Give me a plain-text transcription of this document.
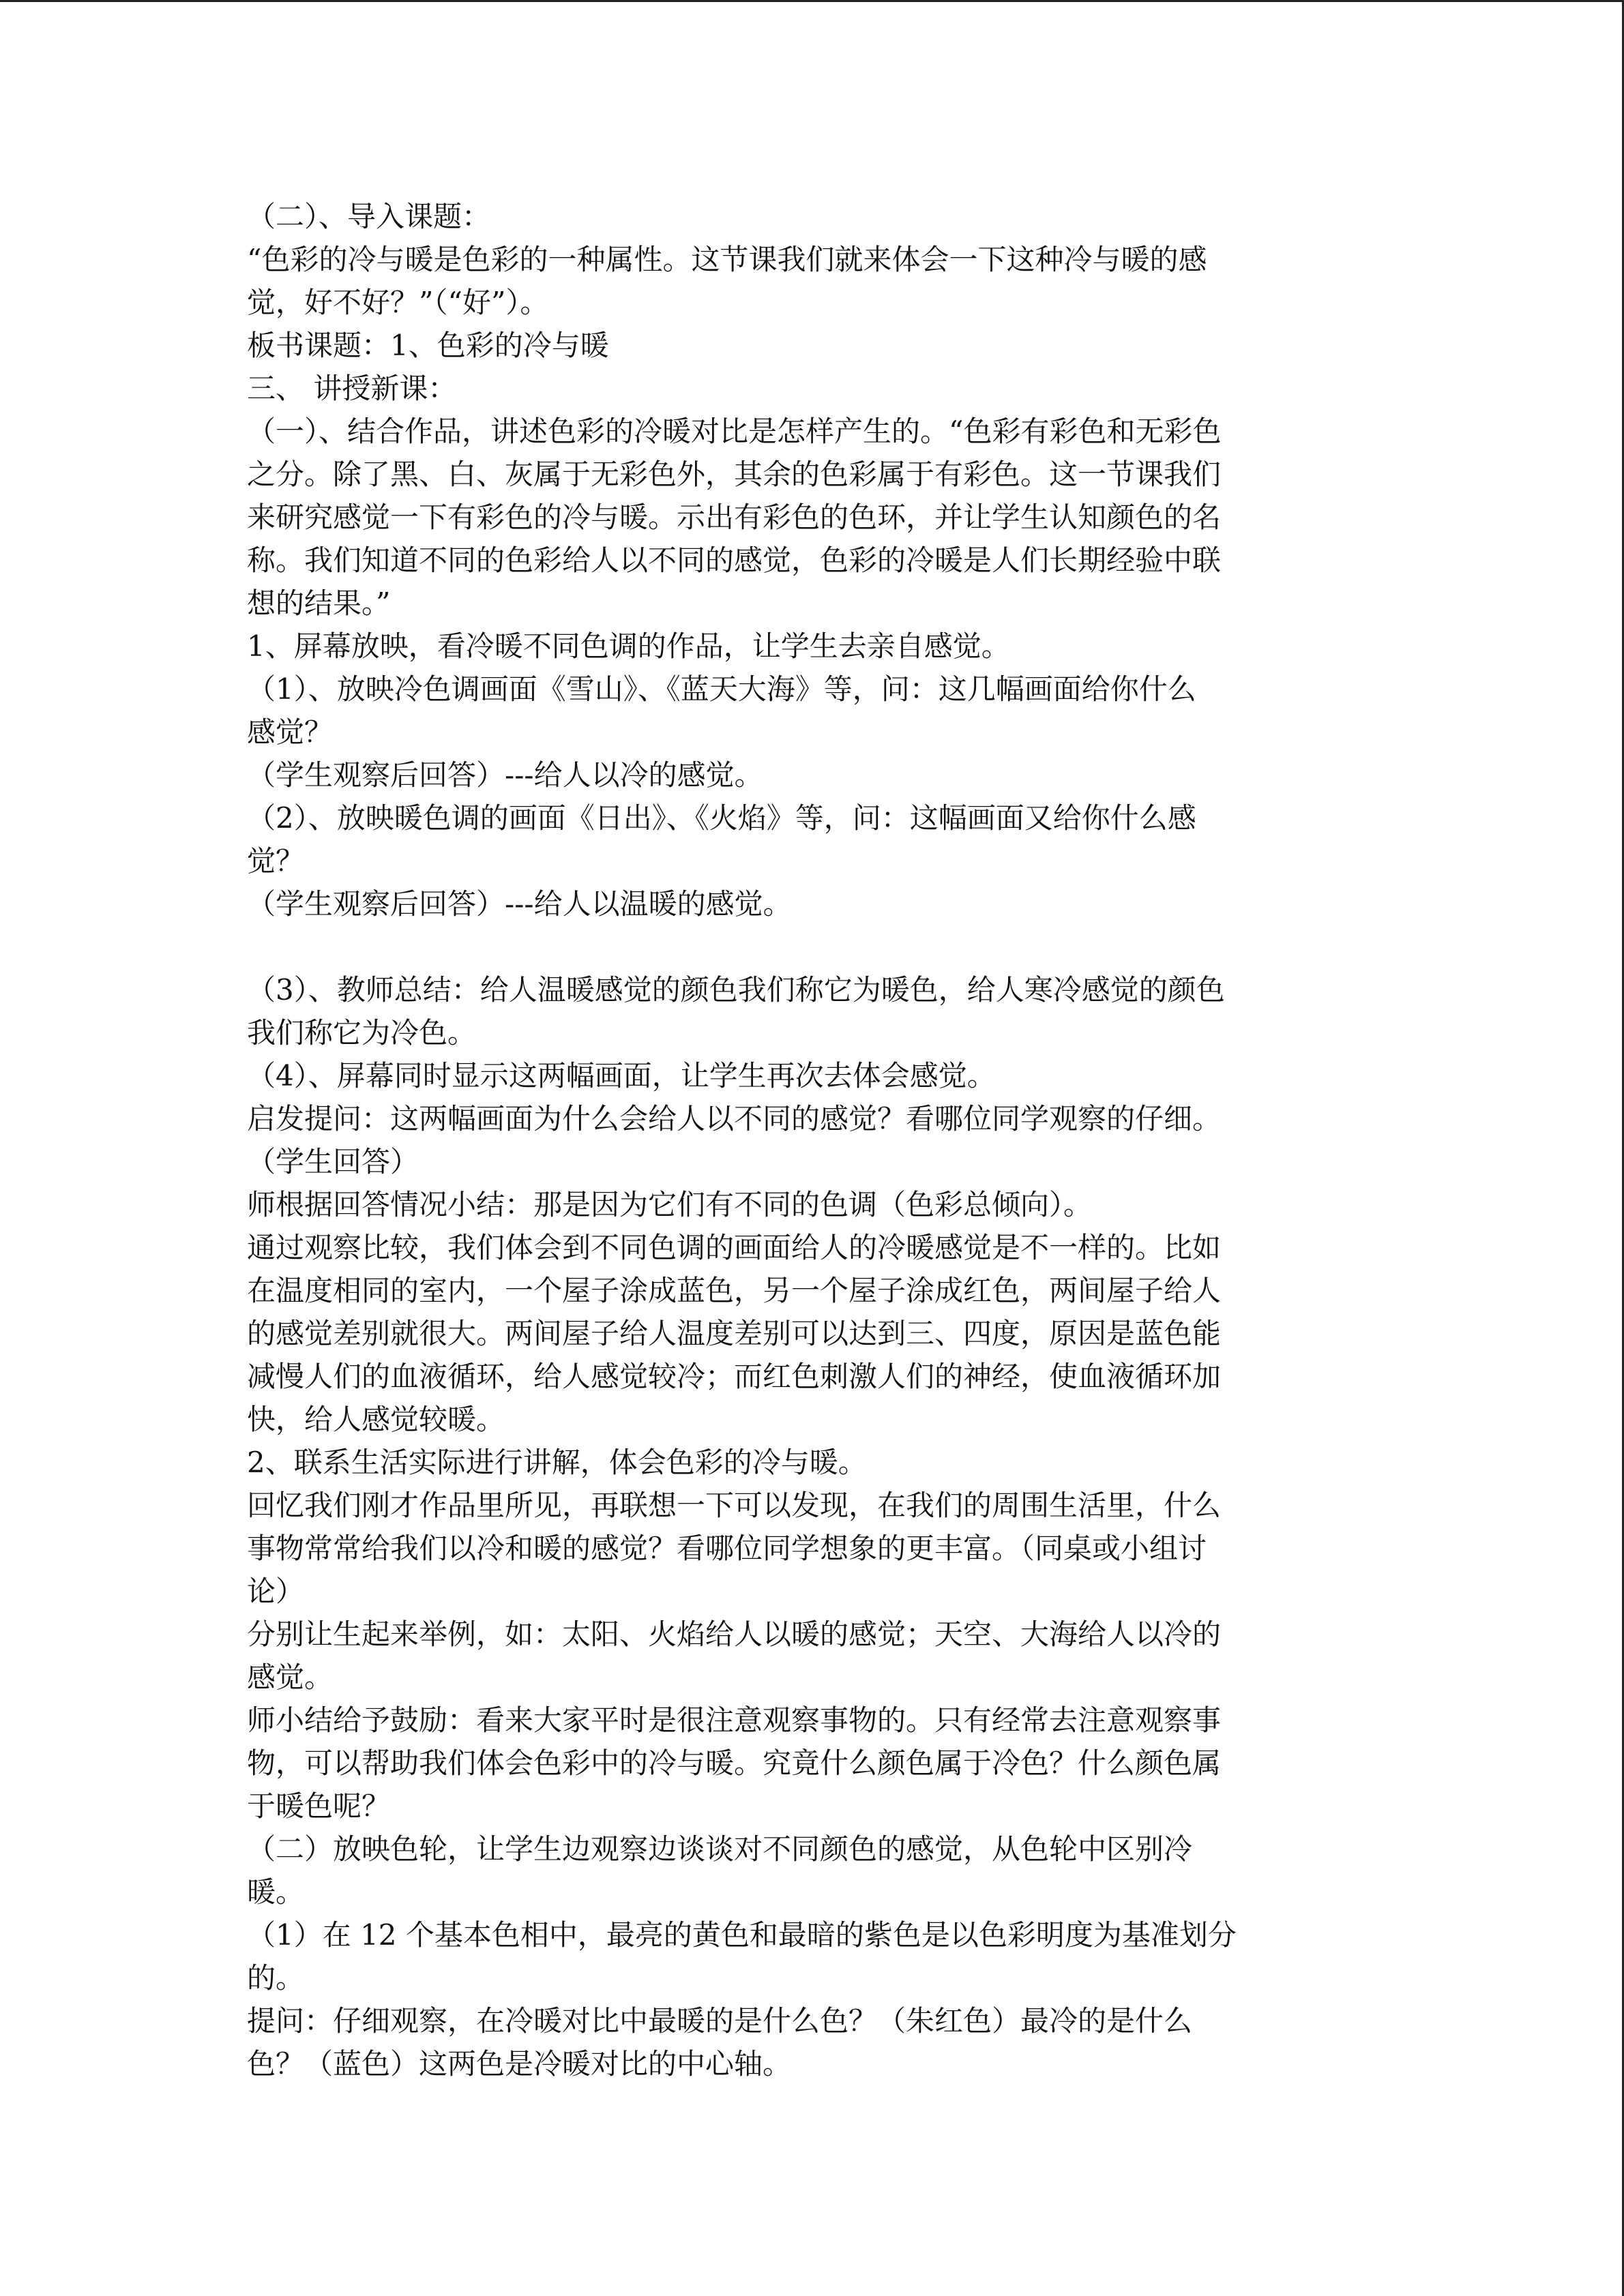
（二）、导入课题：
“色彩的冷与暖是色彩的一种属性。这节课我们就来体会一下这种冷与暖的感
觉，好不好？”（“好”）。
板书课题：1、色彩的冷与暖
三、 讲授新课：
（一）、结合作品，讲述色彩的冷暖对比是怎样产生的。“色彩有彩色和无彩色
之分。除了黑、白、灰属于无彩色外，其余的色彩属于有彩色。这一节课我们
来研究感觉一下有彩色的冷与暖。示出有彩色的色环，并让学生认知颜色的名
称。我们知道不同的色彩给人以不同的感觉，色彩的冷暖是人们长期经验中联
想的结果。”
1、屏幕放映，看冷暖不同色调的作品，让学生去亲自感觉。
（1）、放映冷色调画面《雪山》、《蓝天大海》等，问：这几幅画面给你什么
感觉？
（学生观察后回答）---给人以冷的感觉。
（2）、放映暖色调的画面《日出》、《火焰》等，问：这幅画面又给你什么感
觉？
（学生观察后回答）---给人以温暖的感觉。
（3）、教师总结：给人温暖感觉的颜色我们称它为暖色，给人寒冷感觉的颜色
我们称它为冷色。
（4）、屏幕同时显示这两幅画面，让学生再次去体会感觉。
启发提问：这两幅画面为什么会给人以不同的感觉？看哪位同学观察的仔细。
（学生回答）
师根据回答情况小结：那是因为它们有不同的色调（色彩总倾向）。
通过观察比较，我们体会到不同色调的画面给人的冷暖感觉是不一样的。比如
在温度相同的室内，一个屋子涂成蓝色，另一个屋子涂成红色，两间屋子给人
的感觉差别就很大。两间屋子给人温度差别可以达到三、四度，原因是蓝色能
减慢人们的血液循环，给人感觉较冷；而红色刺激人们的神经，使血液循环加
快，给人感觉较暖。
2、联系生活实际进行讲解，体会色彩的冷与暖。
回忆我们刚才作品里所见，再联想一下可以发现，在我们的周围生活里，什么
事物常常给我们以冷和暖的感觉？看哪位同学想象的更丰富。（同桌或小组讨
论）
分别让生起来举例，如：太阳、火焰给人以暖的感觉；天空、大海给人以冷的
感觉。
师小结给予鼓励：看来大家平时是很注意观察事物的。只有经常去注意观察事
物，可以帮助我们体会色彩中的冷与暖。究竟什么颜色属于冷色？什么颜色属
于暖色呢？
（二）放映色轮，让学生边观察边谈谈对不同颜色的感觉，从色轮中区别冷
暖。
（1）在 12 个基本色相中，最亮的黄色和最暗的紫色是以色彩明度为基准划分
的。
提问：仔细观察，在冷暖对比中最暖的是什么色？（朱红色）最冷的是什么
色？（蓝色）这两色是冷暖对比的中心轴。
